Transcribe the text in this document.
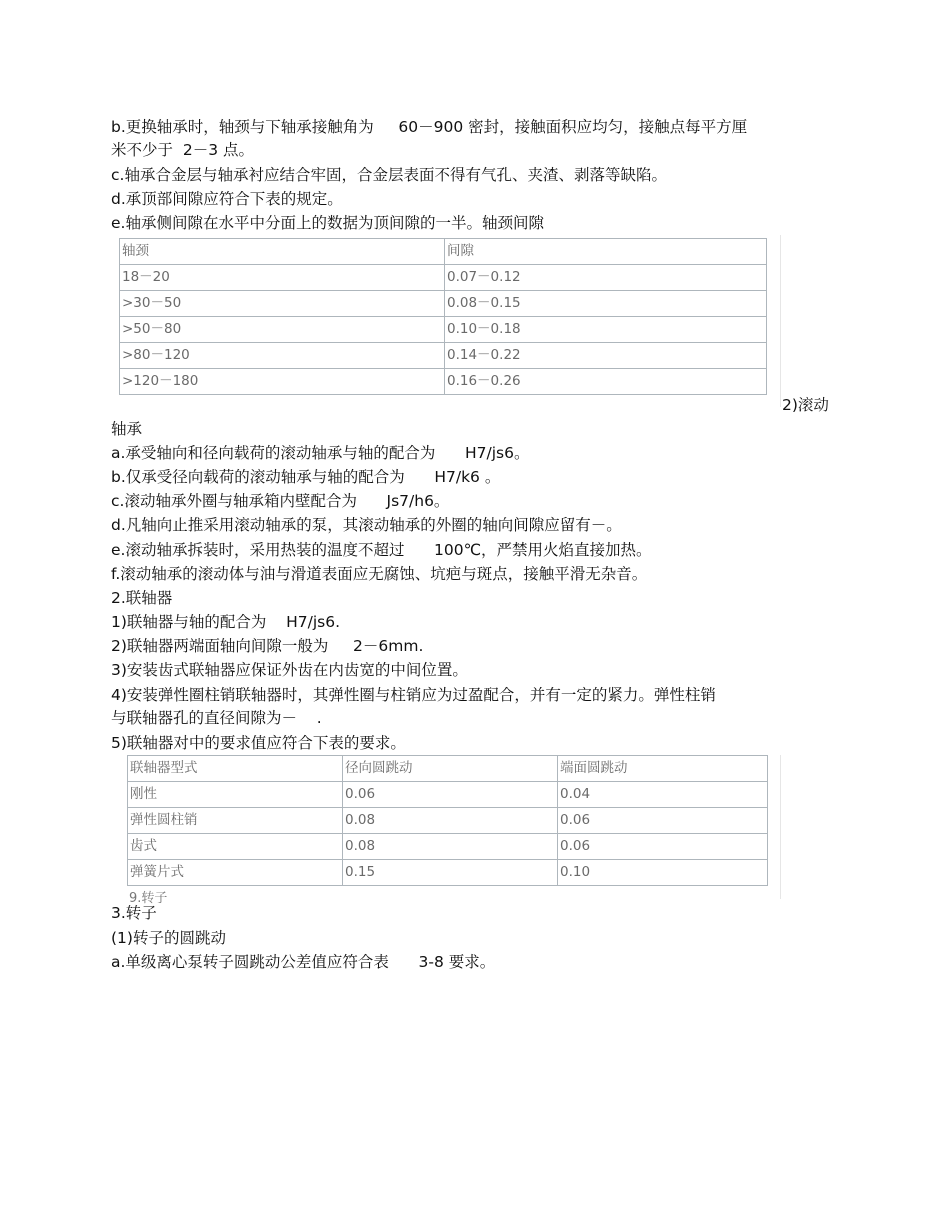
b.更换轴承时，轴颈与下轴承接触角为     60－900 密封，接触面积应均匀，接触点每平方厘
米不少于  2－3 点。
c.轴承合金层与轴承衬应结合牢固，合金层表面不得有气孔、夹渣、剥落等缺陷。
d.承顶部间隙应符合下表的规定。
e.轴承侧间隙在水平中分面上的数据为顶间隙的一半。轴颈间隙
轴颈	间隙
18－20	0.07－0.12
>30－50	0.08－0.15
>50－80	0.10－0.18
>80－120	0.14－0.22
>120－180	0.16－0.26
2)滚动
轴承
a.承受轴向和径向载荷的滚动轴承与轴的配合为      H7/js6。
b.仅承受径向载荷的滚动轴承与轴的配合为      H7/k6 。
c.滚动轴承外圈与轴承箱内壁配合为      Js7/h6。
d.凡轴向止推采用滚动轴承的泵，其滚动轴承的外圈的轴向间隙应留有－。
e.滚动轴承拆装时，采用热装的温度不超过      100℃，严禁用火焰直接加热。
f.滚动轴承的滚动体与油与滑道表面应无腐蚀、坑疤与斑点，接触平滑无杂音。
2.联轴器
1)联轴器与轴的配合为    H7/js6.
2)联轴器两端面轴向间隙一般为     2－6mm.
3)安装齿式联轴器应保证外齿在内齿宽的中间位置。
4)安装弹性圈柱销联轴器时，其弹性圈与柱销应为过盈配合，并有一定的紧力。弹性柱销
与联轴器孔的直径间隙为－    .
5)联轴器对中的要求值应符合下表的要求。
联轴器型式	径向圆跳动	端面圆跳动
刚性	0.06	0.04
弹性圆柱销	0.08	0.06
齿式	0.08	0.06
弹簧片式	0.15	0.10
9.转子
3.转子
(1)转子的圆跳动
a.单级离心泵转子圆跳动公差值应符合表      3-8 要求。
